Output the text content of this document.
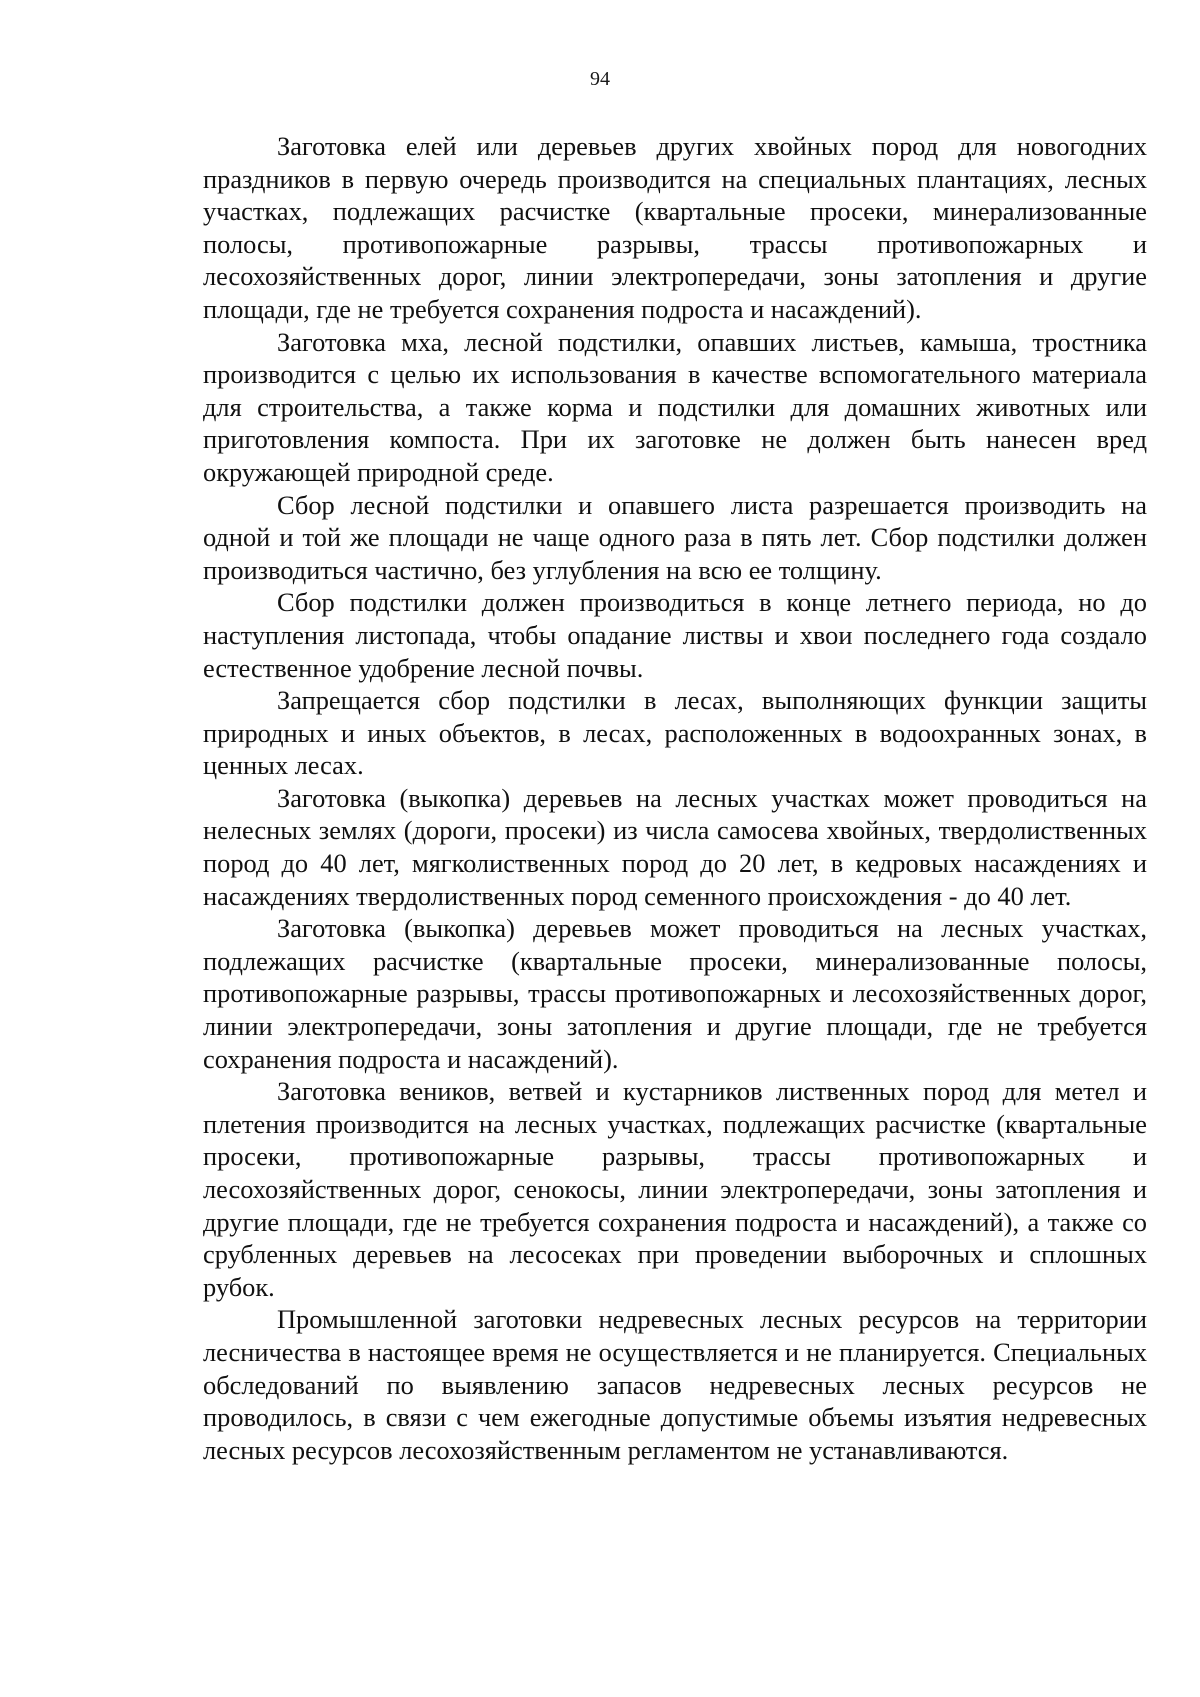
94

Заготовка елей или деревьев других хвойных пород для новогодних праздников в первую очередь производится на специальных плантациях, лесных участках, подлежащих расчистке (квартальные просеки, минерализованные полосы, противопожарные разрывы, трассы противопожарных и лесохозяйственных дорог, линии электропередачи, зоны затопления и другие площади, где не требуется сохранения подроста и насаждений).

Заготовка мха, лесной подстилки, опавших листьев, камыша, тростника производится с целью их использования в качестве вспомогательного материала для строительства, а также корма и подстилки для домашних животных или приготовления компоста. При их заготовке не должен быть нанесен вред окружающей природной среде.

Сбор лесной подстилки и опавшего листа разрешается производить на одной и той же площади не чаще одного раза в пять лет. Сбор подстилки должен производиться частично, без углубления на всю ее толщину.

Сбор подстилки должен производиться в конце летнего периода, но до наступления листопада, чтобы опадание листвы и хвои последнего года создало естественное удобрение лесной почвы.

Запрещается сбор подстилки в лесах, выполняющих функции защиты природных и иных объектов, в лесах, расположенных в водоохранных зонах, в ценных лесах.

Заготовка (выкопка) деревьев на лесных участках может проводиться на нелесных землях (дороги, просеки) из числа самосева хвойных, твердолиственных пород до 40 лет, мягколиственных пород до 20 лет, в кедровых насаждениях и насаждениях твердолиственных пород семенного происхождения - до 40 лет.

Заготовка (выкопка) деревьев может проводиться на лесных участках, подлежащих расчистке (квартальные просеки, минерализованные полосы, противопожарные разрывы, трассы противопожарных и лесохозяйственных дорог, линии электропередачи, зоны затопления и другие площади, где не требуется сохранения подроста и насаждений).

Заготовка веников, ветвей и кустарников лиственных пород для метел и плетения производится на лесных участках, подлежащих расчистке (квартальные просеки, противопожарные разрывы, трассы противопожарных и лесохозяйственных дорог, сенокосы, линии электропередачи, зоны затопления и другие площади, где не требуется сохранения подроста и насаждений), а также со срубленных деревьев на лесосеках при проведении выборочных и сплошных рубок.

Промышленной заготовки недревесных лесных ресурсов на территории лесничества в настоящее время не осуществляется и не планируется. Специальных обследований по выявлению запасов недревесных лесных ресурсов не проводилось, в связи с чем ежегодные допустимые объемы изъятия недревесных лесных ресурсов лесохозяйственным регламентом не устанавливаются.
